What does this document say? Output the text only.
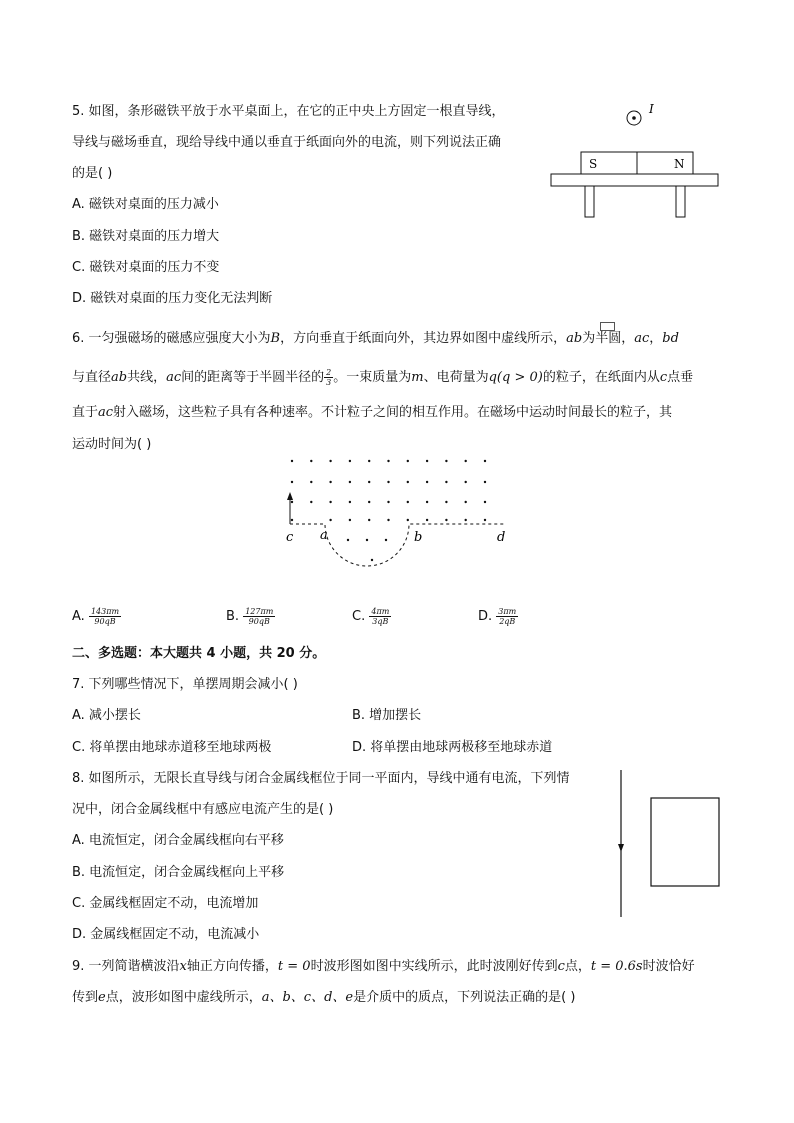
5. 如图，条形磁铁平放于水平桌面上，在它的正中央上方固定一根直导线，
导线与磁场垂直，现给导线中通以垂直于纸面向外的电流，则下列说法正确
的是( )
A. 磁铁对桌面的压力减小
B. 磁铁对桌面的压力增大
C. 磁铁对桌面的压力不变
D. 磁铁对桌面的压力变化无法判断
I
S	N
6. 一匀强磁场的磁感应强度大小为B，方向垂直于纸面向外，其边界如图中虚线所示，ab为半圆，ac，bd
与直径ab共线，ac间的距离等于半圆半径的 $\frac{2}{3}$ 。一束质量为m、电荷量为q(q > 0)的粒子，在纸面内从c点垂
直于ac射入磁场，这些粒子具有各种速率。不计粒子之间的相互作用。在磁场中运动时间最长的粒子，其
运动时间为( )
c a	b	d
A. $\frac{143\pi m}{90qB}$	B. $\frac{127\pi m}{90qB}$	C. $\frac{4\pi m}{3qB}$	D. $\frac{3\pi m}{2qB}$
二、多选题：本大题共 4 小题，共 20 分。
7. 下列哪些情况下，单摆周期会减小( )
A. 减小摆长	B. 增加摆长
C. 将单摆由地球赤道移至地球两极	D. 将单摆由地球两极移至地球赤道
8. 如图所示，无限长直导线与闭合金属线框位于同一平面内，导线中通有电流，下列情
况中，闭合金属线框中有感应电流产生的是( )
A. 电流恒定，闭合金属线框向右平移
B. 电流恒定，闭合金属线框向上平移
C. 金属线框固定不动，电流增加
D. 金属线框固定不动，电流减小
9. 一列简谐横波沿x轴正方向传播，t = 0时波形图如图中实线所示，此时波刚好传到c点，t = 0.6s时波恰好
传到e点，波形如图中虚线所示，a、b、c、d、e是介质中的质点，下列说法正确的是( )
